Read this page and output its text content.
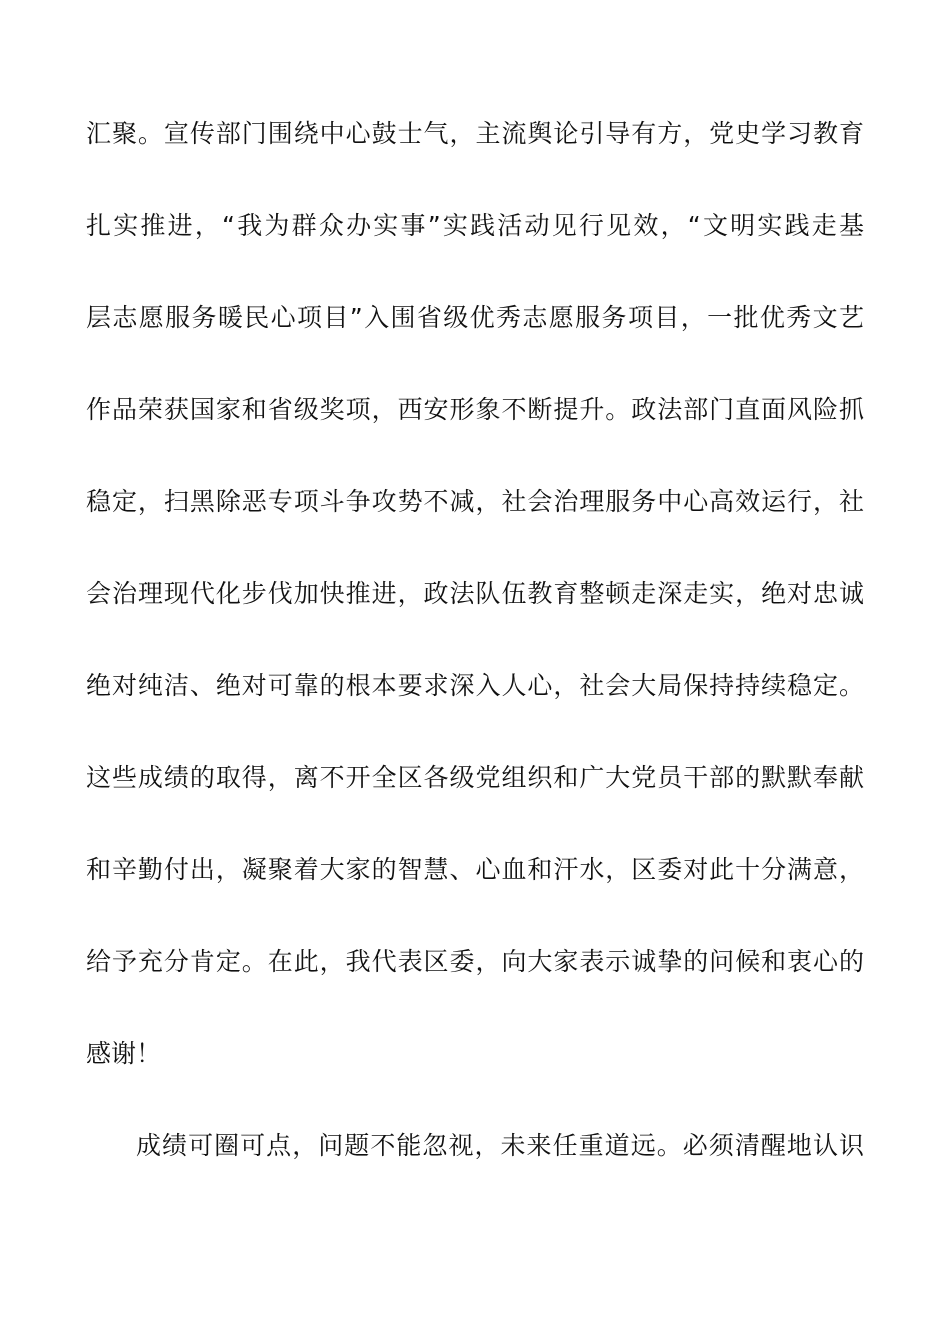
汇聚。宣传部门围绕中心鼓士气，主流舆论引导有方，党史学习教育
扎实推进，“我为群众办实事”实践活动见行见效，“文明实践走基
层志愿服务暖民心项目”入围省级优秀志愿服务项目，一批优秀文艺
作品荣获国家和省级奖项，西安形象不断提升。政法部门直面风险抓
稳定，扫黑除恶专项斗争攻势不减，社会治理服务中心高效运行，社
会治理现代化步伐加快推进，政法队伍教育整顿走深走实，绝对忠诚
绝对纯洁、绝对可靠的根本要求深入人心，社会大局保持持续稳定。
这些成绩的取得，离不开全区各级党组织和广大党员干部的默默奉献
和辛勤付出，凝聚着大家的智慧、心血和汗水，区委对此十分满意，
给予充分肯定。在此，我代表区委，向大家表示诚挚的问候和衷心的
感谢！
成绩可圈可点，问题不能忽视，未来任重道远。必须清醒地认识
